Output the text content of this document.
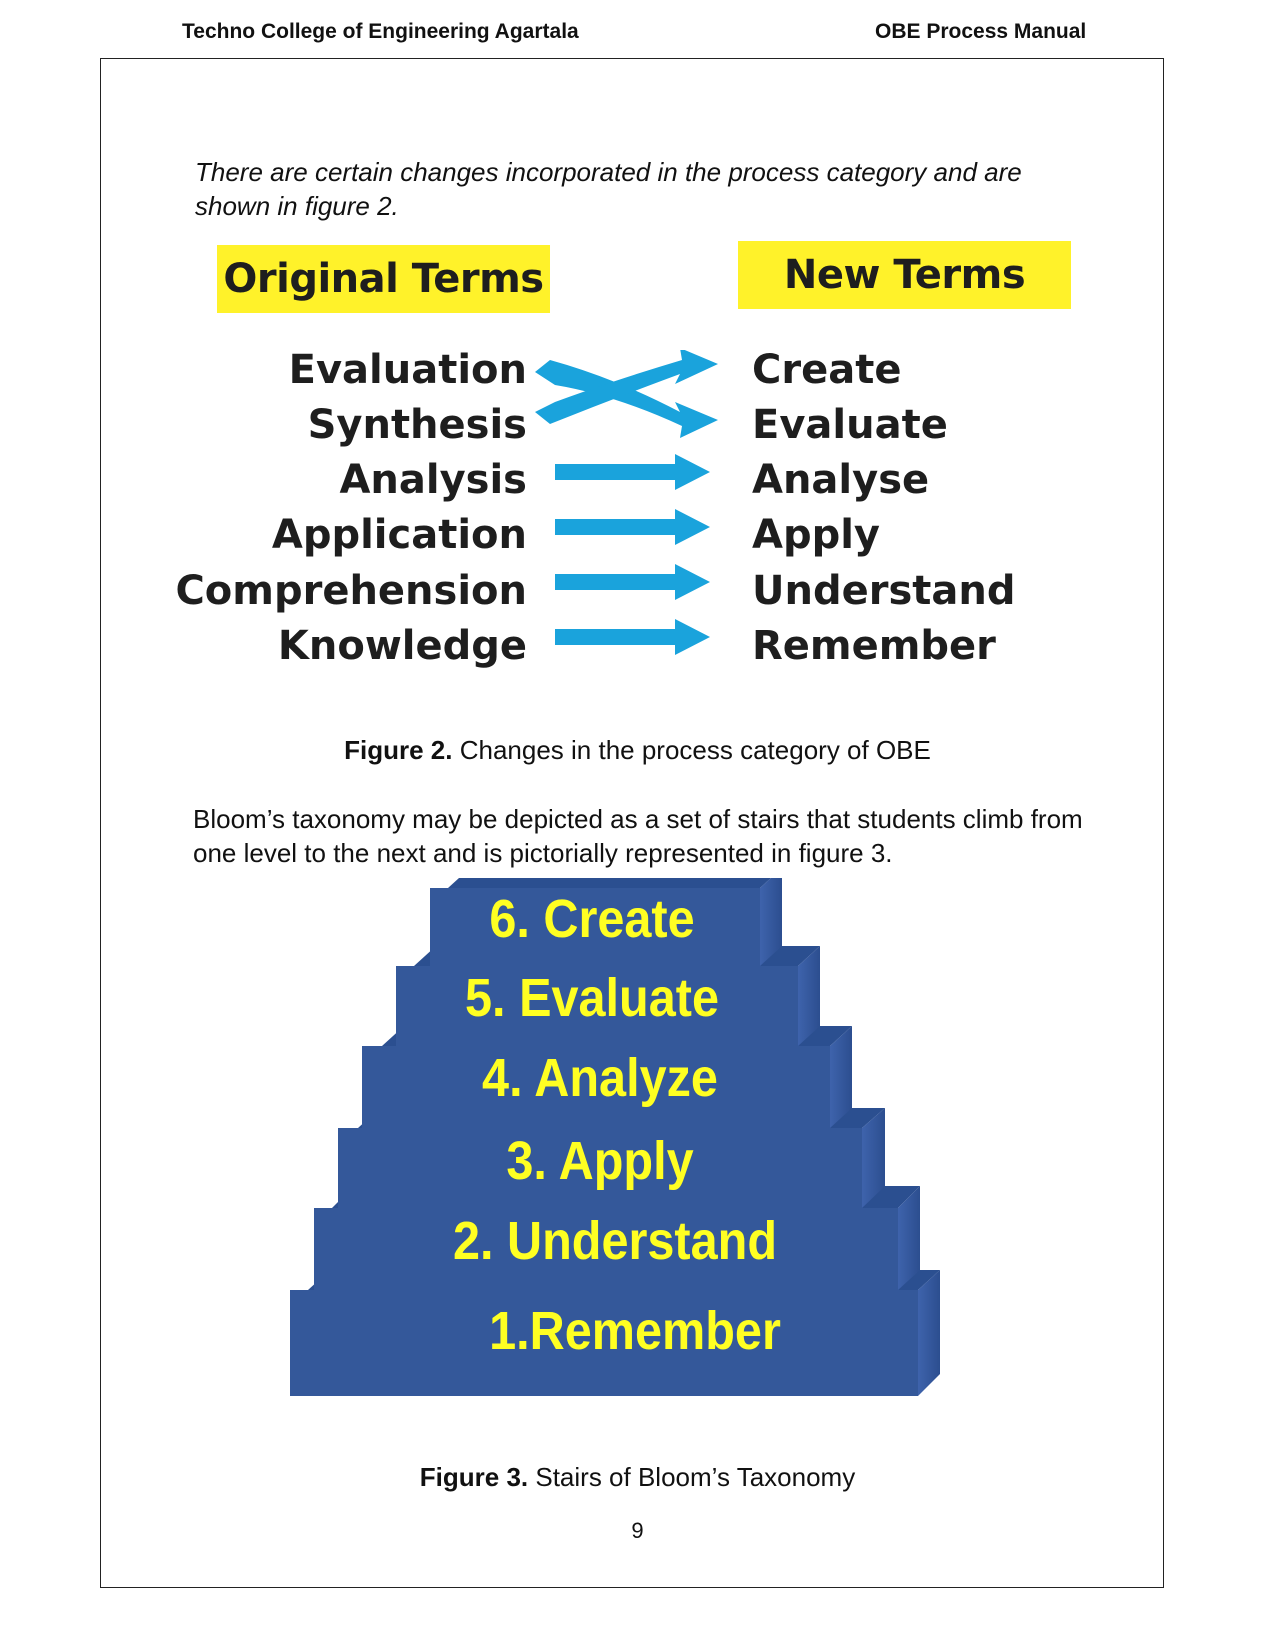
Techno College of Engineering Agartala	OBE Process Manual
There are certain changes incorporated in the process category and are shown in figure 2.
Original Terms	New Terms
Evaluation
Synthesis
Analysis
Application
Comprehension
Knowledge
Create
Evaluate
Analyse
Apply
Understand
Remember
Figure 2. Changes in the process category of OBE
Bloom’s taxonomy may be depicted as a set of stairs that students climb from one level to the next and is pictorially represented in figure 3.
6. Create
5. Evaluate
4. Analyze
3. Apply
2. Understand
1.Remember
Figure 3. Stairs of Bloom’s Taxonomy
9
